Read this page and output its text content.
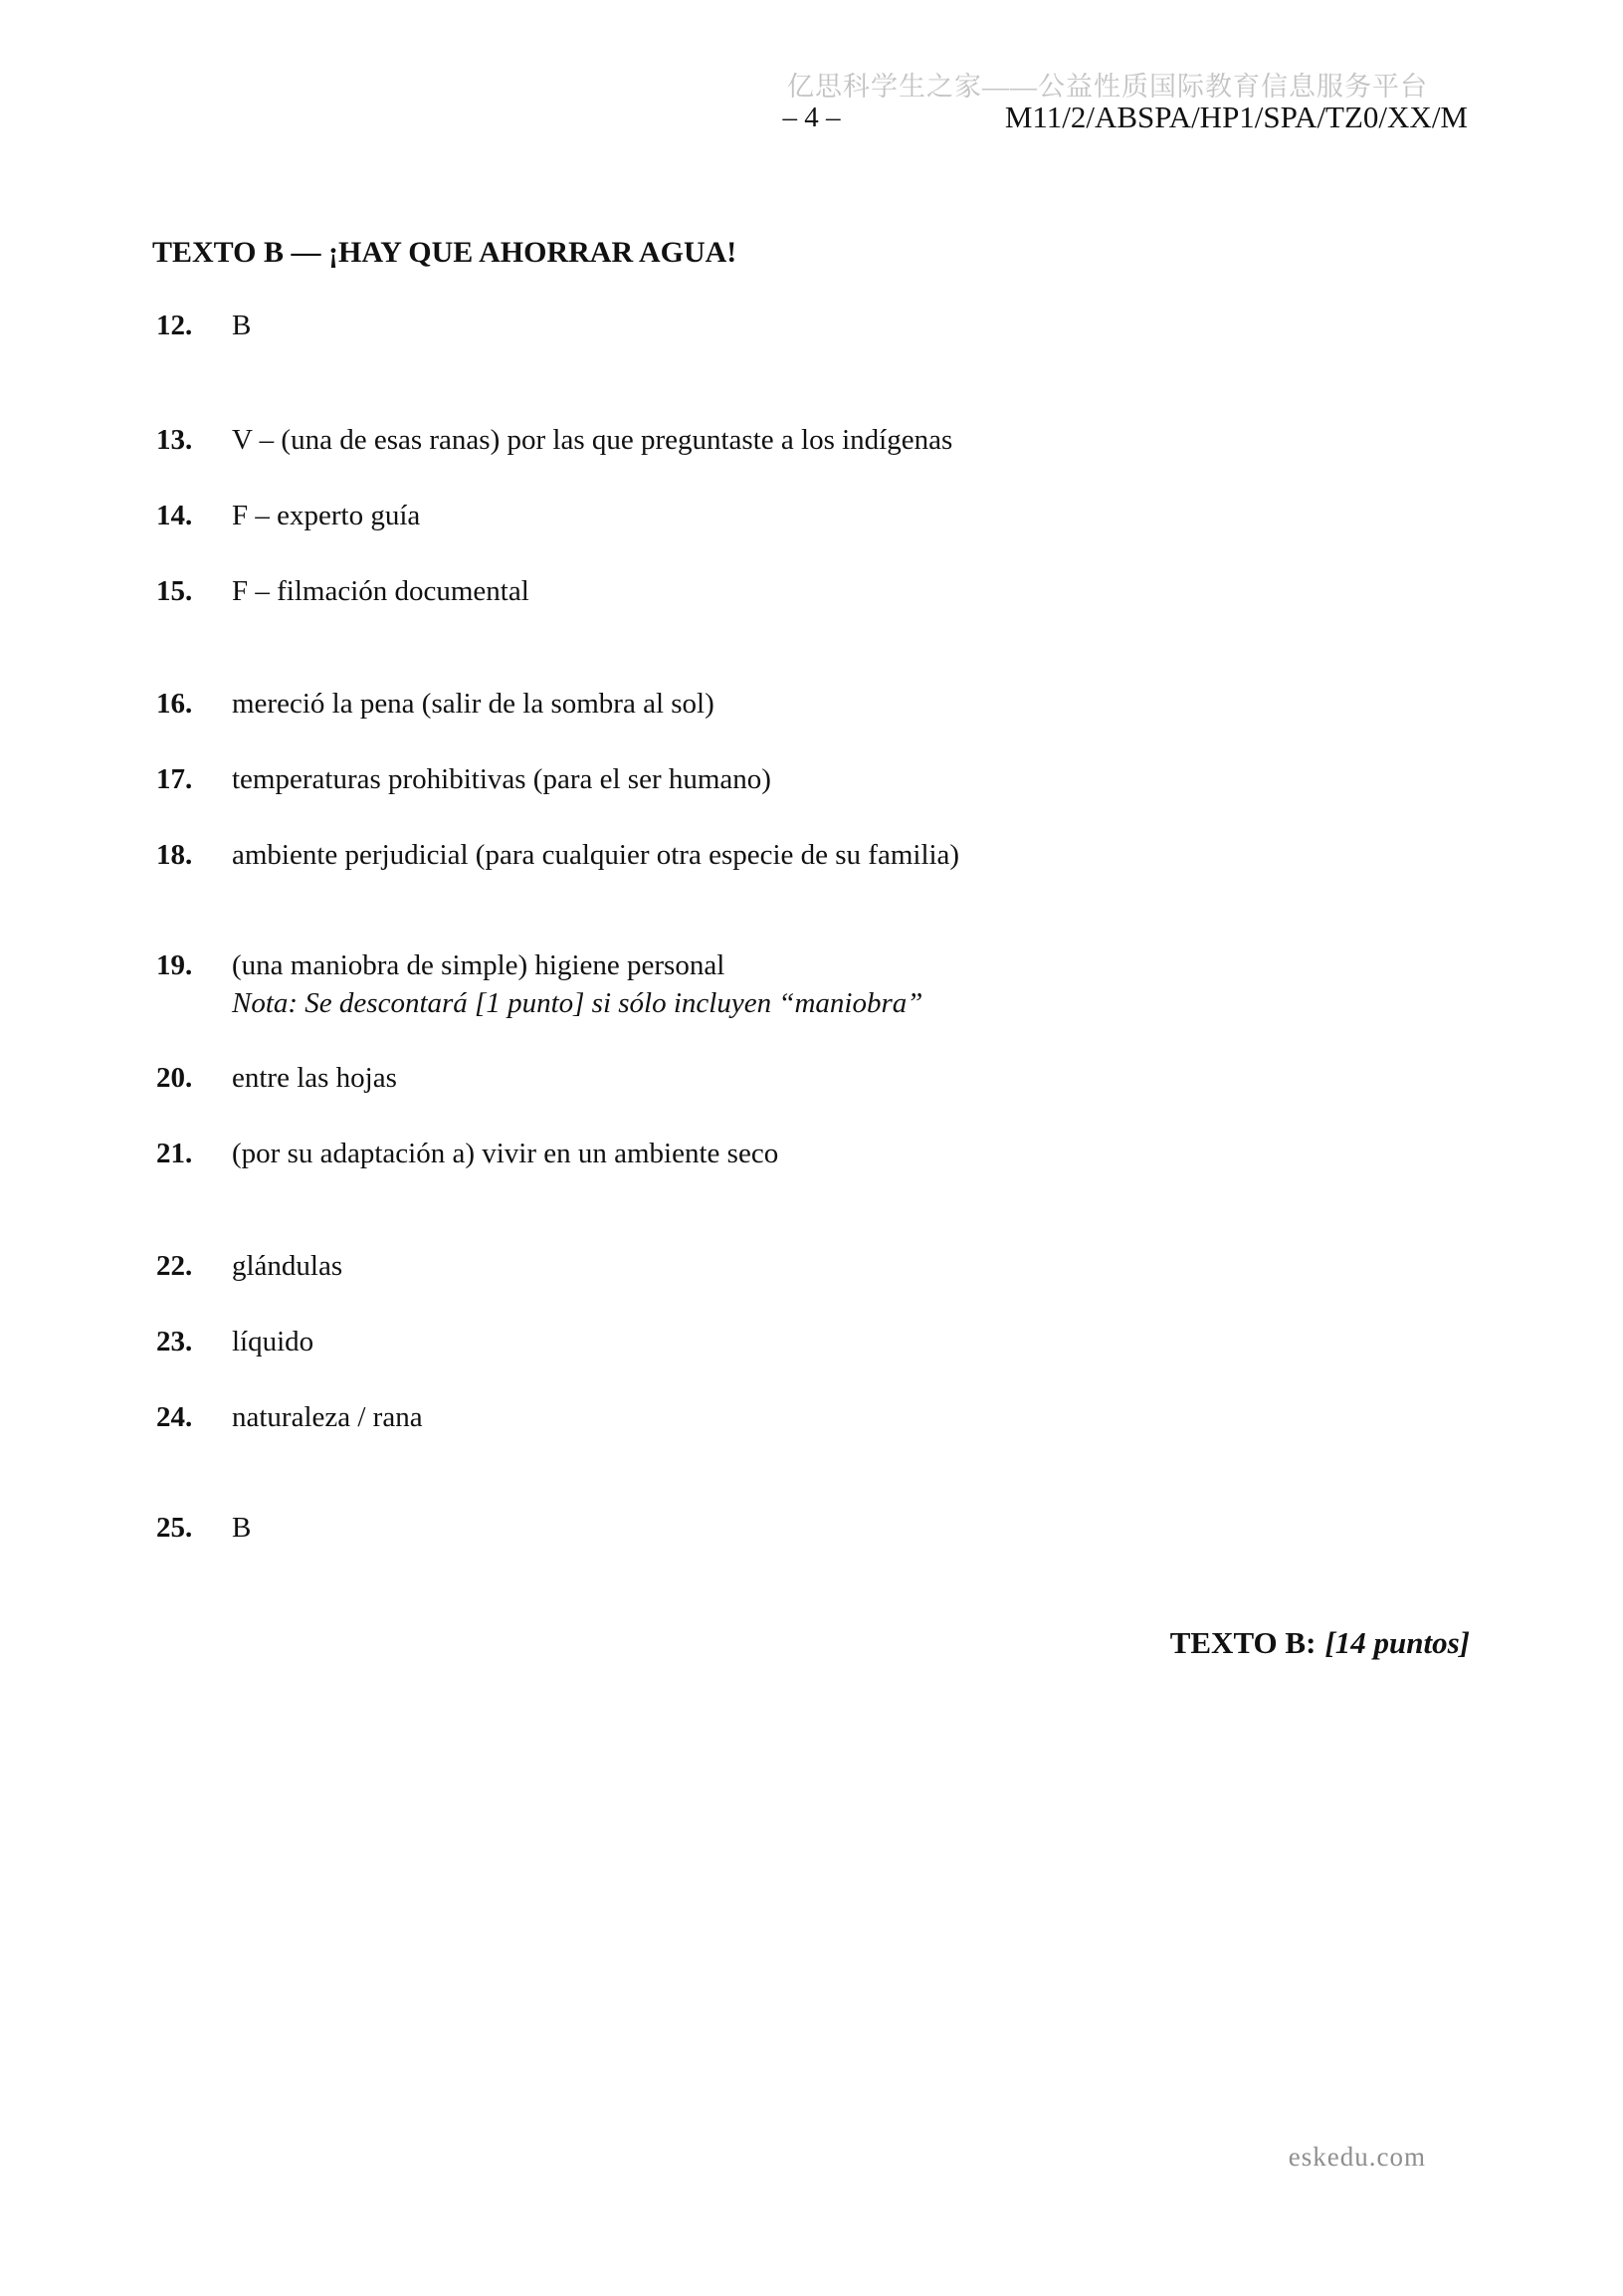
亿思科学生之家——公益性质国际教育信息服务平台
– 4 –	M11/2/ABSPA/HP1/SPA/TZ0/XX/M
TEXTO B — ¡HAY QUE AHORRAR AGUA!
12. B
13. V – (una de esas ranas) por las que preguntaste a los indígenas
14. F – experto guía
15. F – filmación documental
16. mereció la pena (salir de la sombra al sol)
17. temperaturas prohibitivas (para el ser humano)
18. ambiente perjudicial (para cualquier otra especie de su familia)
19. (una maniobra de simple) higiene personal
Nota: Se descontará [1 punto] si sólo incluyen “maniobra”
20. entre las hojas
21. (por su adaptación a) vivir en un ambiente seco
22. glándulas
23. líquido
24. naturaleza / rana
25. B
TEXTO B: [14 puntos]
eskedu.com
